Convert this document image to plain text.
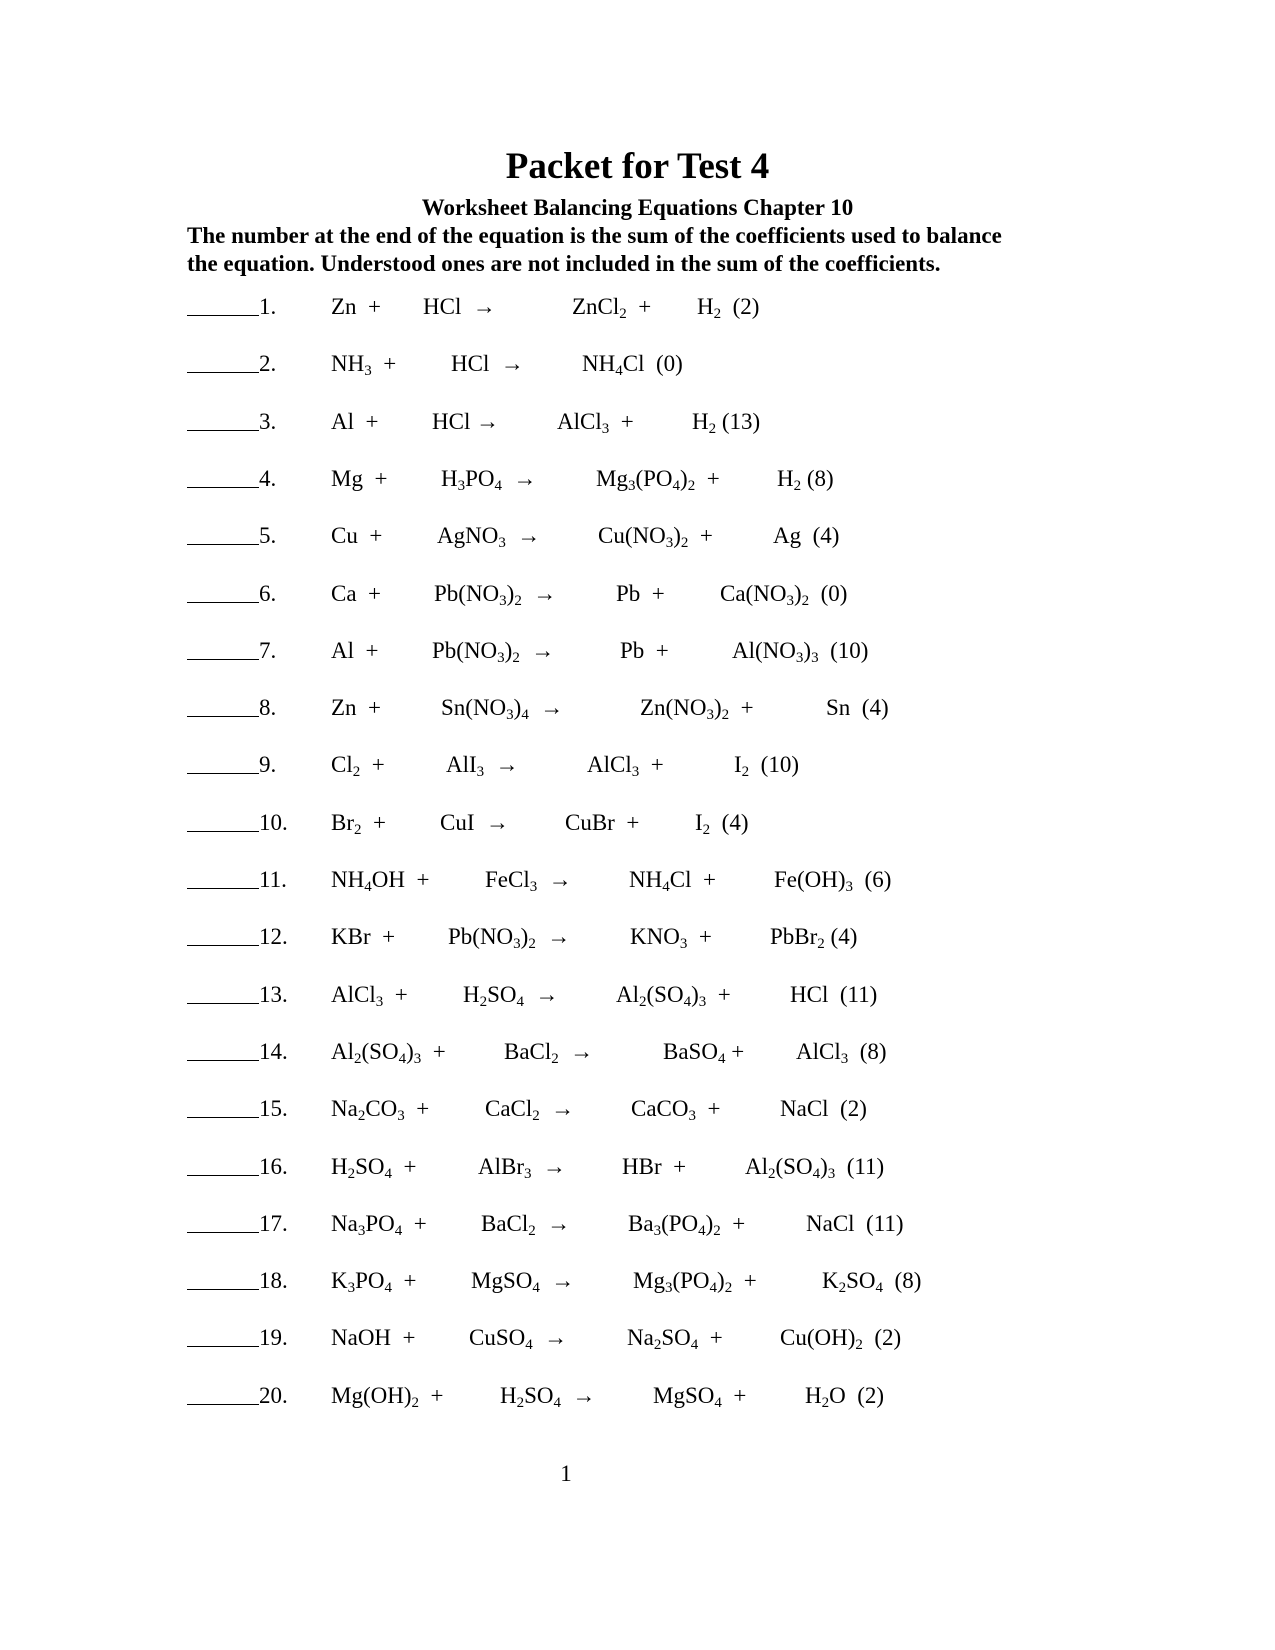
Packet for Test 4
Worksheet Balancing Equations Chapter 10
The number at the end of the equation is the sum of the coefficients used to balance
the equation. Understood ones are not included in the sum of the coefficients.
1. Zn  + HCl  →	ZnCl$_2$  + $H_2$  (2)
2. $NH_3$  + HCl  →	$NH_4Cl$  (0)
3. Al  + HCl →	AlCl$_3$  +	$H_2$ (13)
4. $Mg + H_3PO_4$  →	$Mg_3(PO_4)_2 + H_2$ (8)
5. Cu  + AgNO$_3$  →	$Cu(NO_3)_2$  +	Ag  (4)
6. $Ca + Pb(NO_3)_2$  →	$Pb + Ca(NO_3)_2$  (0)
7. $Al + Pb(NO_3)_2$  →	Pb  +	$Al(NO_3)_3$  (10)
8. Zn  +	$Sn(NO_3)_4$  →	$Zn(NO_3)_2$  +	Sn  (4)
9. $Cl_2$  +	AlI$_3$  →	AlCl$_3$  +	$I_2$  (10)
10. $Br_2$  + CuI  → CuBr  + $I_2$  (4)
11. $NH_4OH$  + FeCl$_3$  → $NH_4Cl$  +	$Fe(OH)_3$  (6)
12. KBr  + $Pb(NO_3)_2$  →	$KNO_3$  +	PbBr$_2$ (4)
13. AlCl$_3$  + $H_2SO_4 \to Al_2(SO_4)_3$  +	HCl  (11)
14. $Al_2(SO_4)_3$  +	BaCl$_2$  →	BaSO$_4$ + AlCl$_3$  (8)
15. $Na_2CO_3$  + CaCl$_2$  → CaCO$_3$  +	NaCl  (2)
16. $H_2SO_4$  +	AlBr$_3$  → HBr  +	$Al_2(SO_4)_3$  (11)
17. $Na_3PO_4$  + BaCl$_2$  →	$Ba_3(PO_4)_2$  +	NaCl  (11)
18. $K_3PO_4$  + MgSO$_4$  →	$Mg_3(PO_4)_2$  +	$K_2SO_4$  (8)
19. NaOH  + CuSO$_4$  →	$Na_2SO_4 + Cu(OH)_2$  (2)
20. $Mg(OH)_2 + H_2SO_4$  → MgSO$_4$  +	$H_2O$  (2)
1
